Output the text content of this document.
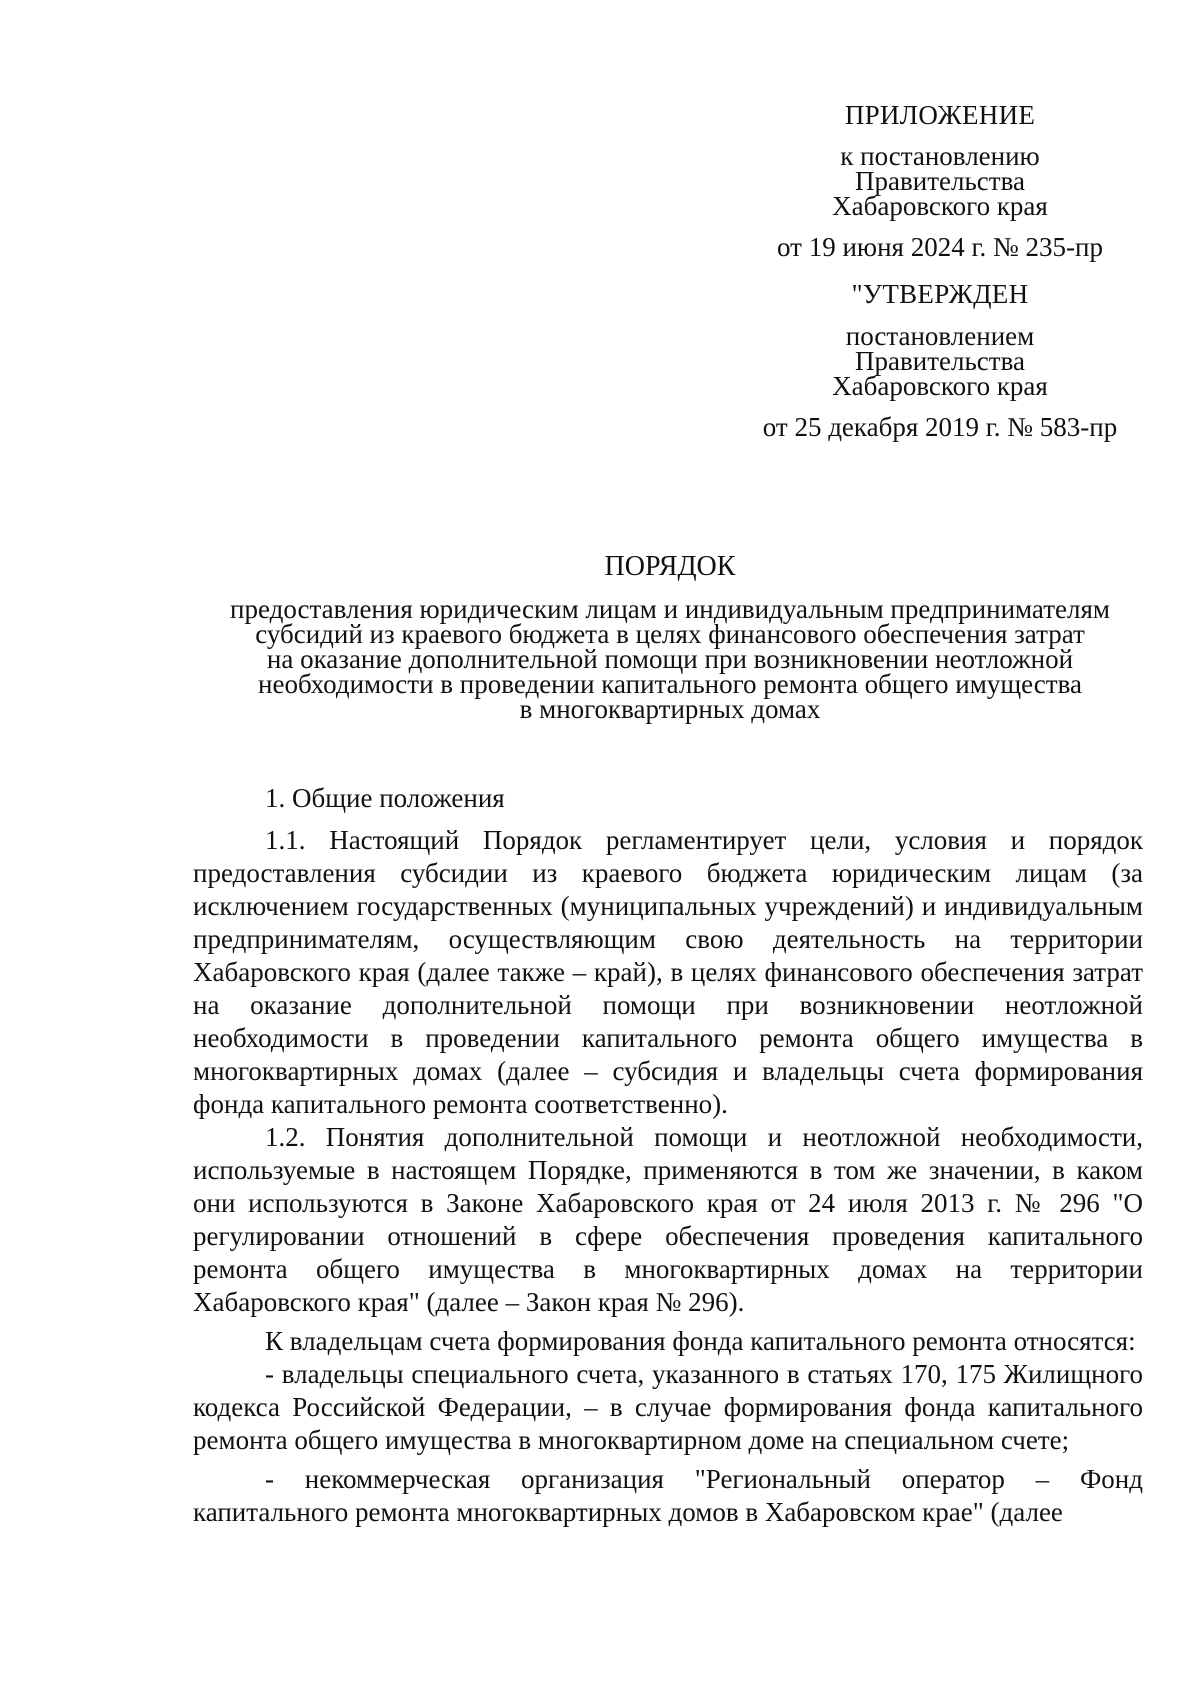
ПРИЛОЖЕНИЕ

к постановлению

Правительства

Хабаровского края

от 19 июня 2024 г. № 235-пр

"УТВЕРЖДЕН

постановлением

Правительства

Хабаровского края

от 25 декабря 2019 г. № 583-пр

ПОРЯДОК

предоставления юридическим лицам и индивидуальным предпринимателям

субсидий из краевого бюджета в целях финансового обеспечения затрат

на оказание дополнительной помощи при возникновении неотложной

необходимости в проведении капитального ремонта общего имущества

в многоквартирных домах

1. Общие положения

1.1. Настоящий Порядок регламентирует цели, условия и порядок предоставления субсидии из краевого бюджета юридическим лицам (за исключением государственных (муниципальных учреждений) и индивидуальным предпринимателям, осуществляющим свою деятельность на территории Хабаровского края (далее также – край), в целях финансового обеспечения затрат на оказание дополнительной помощи при возникновении неотложной необходимости в проведении капитального ремонта общего имущества в многоквартирных домах (далее – субсидия и владельцы счета формирования фонда капитального ремонта соответственно).

1.2. Понятия дополнительной помощи и неотложной необходимости, используемые в настоящем Порядке, применяются в том же значении, в каком они используются в Законе Хабаровского края от 24 июля 2013 г. № 296 "О регулировании отношений в сфере обеспечения проведения капитального ремонта общего имущества в многоквартирных домах на территории Хабаровского края" (далее – Закон края № 296).

К владельцам счета формирования фонда капитального ремонта относятся:

- владельцы специального счета, указанного в статьях 170, 175 Жилищного кодекса Российской Федерации, – в случае формирования фонда капитального ремонта общего имущества в многоквартирном доме на специальном счете;

- некоммерческая организация "Региональный оператор – Фонд капитального ремонта многоквартирных домов в Хабаровском крае" (далее
